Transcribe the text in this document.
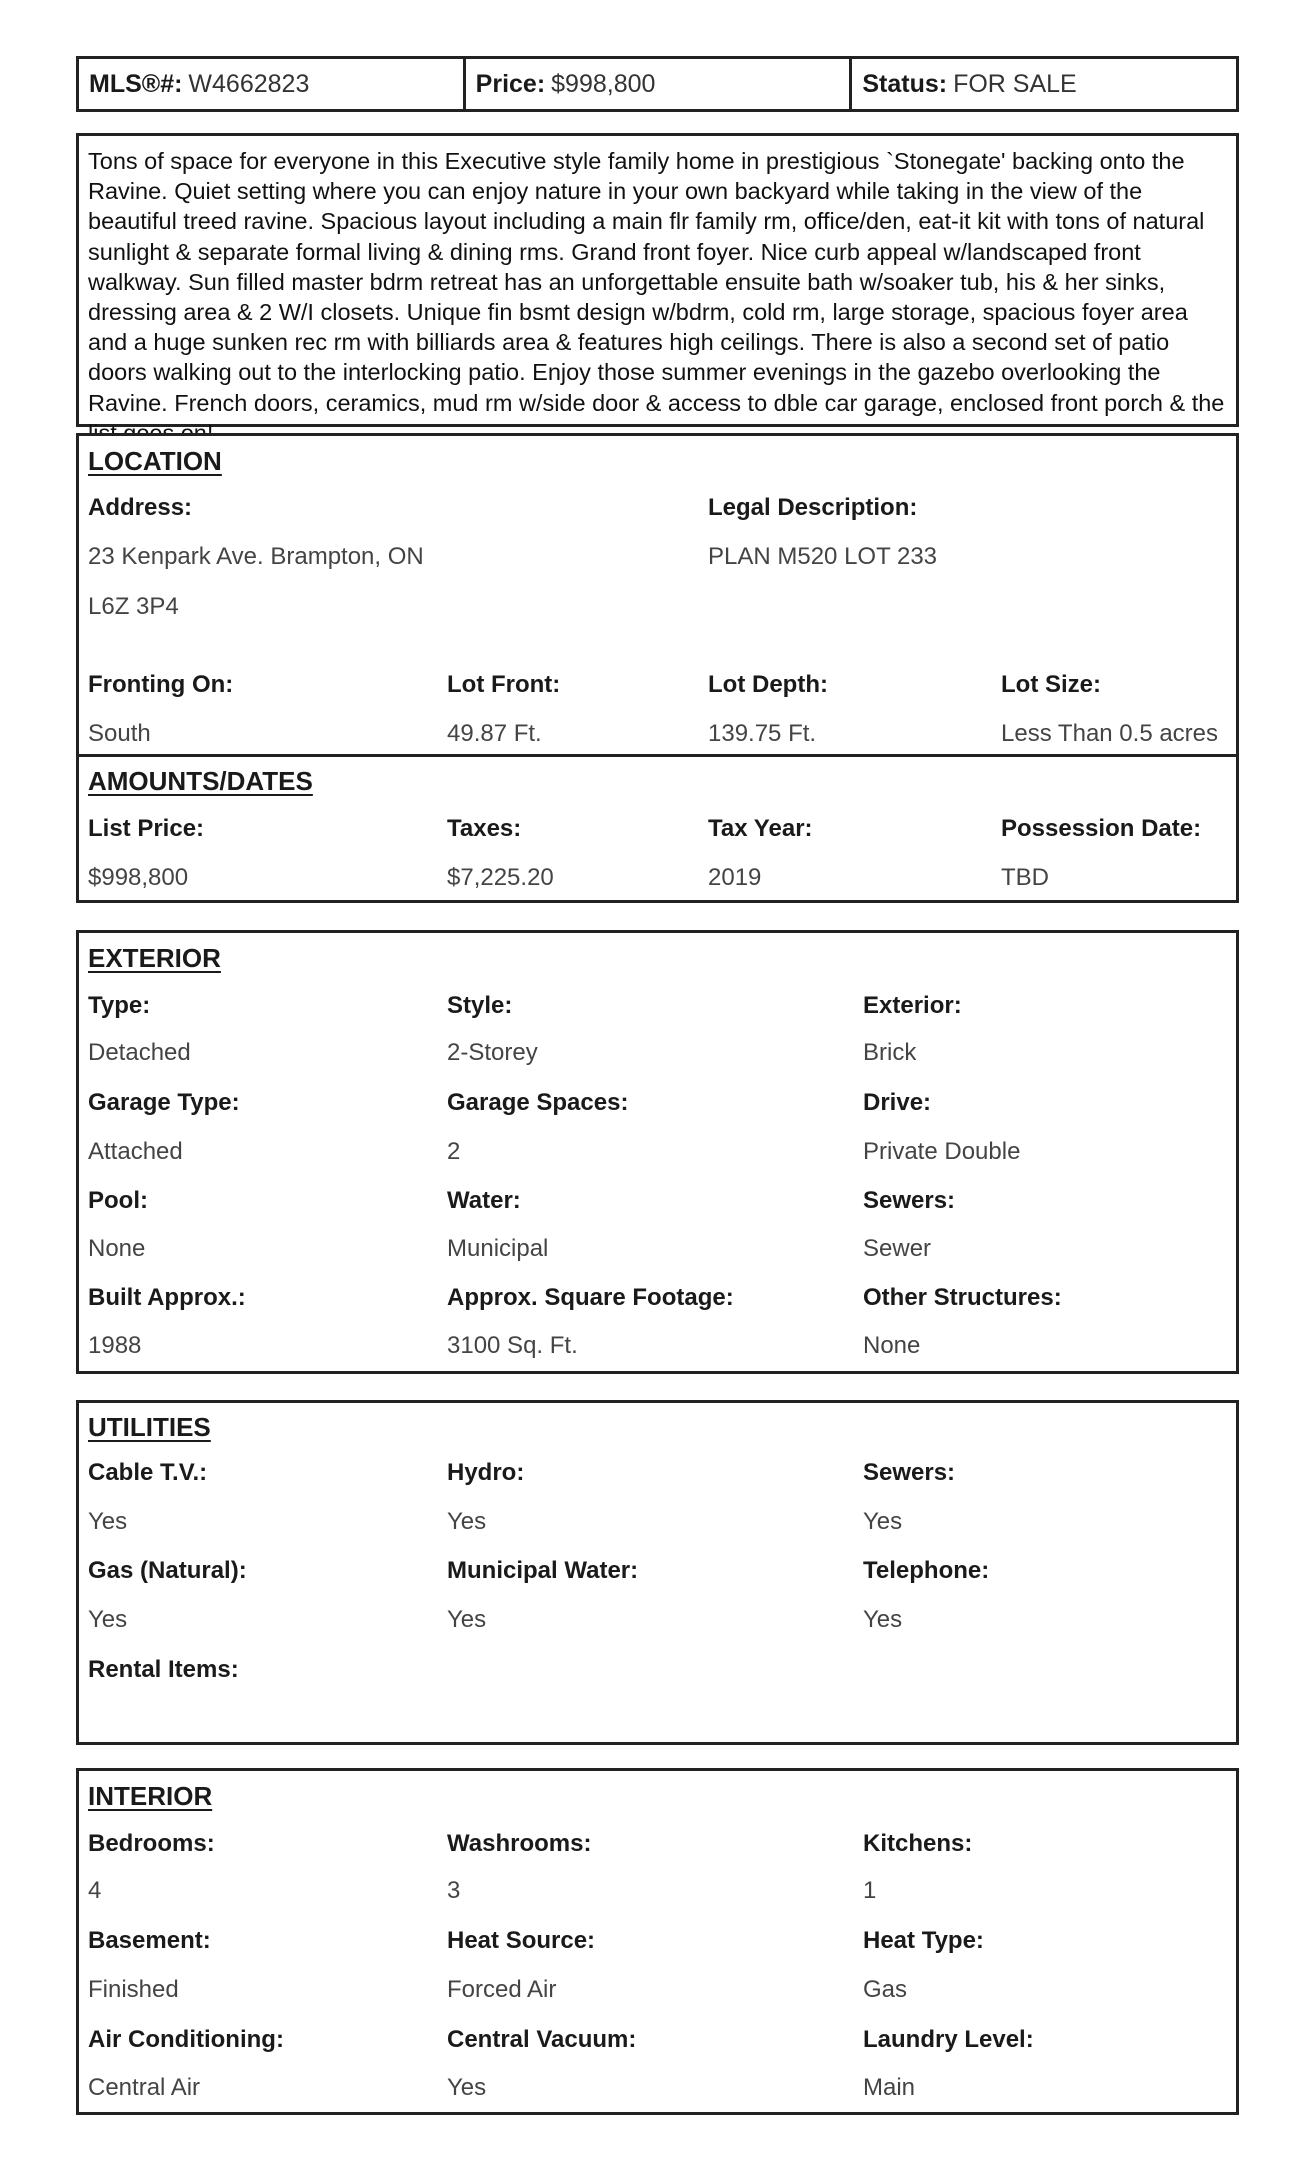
MLS®#: W4662823	Price: $998,800	Status: FOR SALE

Tons of space for everyone in this Executive style family home in prestigious `Stonegate' backing onto the Ravine. Quiet setting where you can enjoy nature in your own backyard while taking in the view of the beautiful treed ravine. Spacious layout including a main flr family rm, office/den, eat-it kit with tons of natural sunlight & separate formal living & dining rms. Grand front foyer. Nice curb appeal w/landscaped front walkway. Sun filled master bdrm retreat has an unforgettable ensuite bath w/soaker tub, his & her sinks, dressing area & 2 W/I closets. Unique fin bsmt design w/bdrm, cold rm, large storage, spacious foyer area and a huge sunken rec rm with billiards area & features high ceilings. There is also a second set of patio doors walking out to the interlocking patio. Enjoy those summer evenings in the gazebo overlooking the Ravine. French doors, ceramics, mud rm w/side door & access to dble car garage, enclosed front porch & the

LOCATION
Address:
23 Kenpark Ave. Brampton, ON
L6Z 3P4
Legal Description:
PLAN M520 LOT 233
Fronting On:
South
Lot Front:
49.87 Ft.
Lot Depth:
139.75 Ft.
Lot Size:
Less Than 0.5 acres
AMOUNTS/DATES
List Price:
$998,800
Taxes:
$7,225.20
Tax Year:
2019
Possession Date:
TBD
EXTERIOR
Type:
Detached
Style:
2-Storey
Exterior:
Brick
Garage Type:
Attached
Garage Spaces:
2
Drive:
Private Double
Pool:
None
Water:
Municipal
Sewers:
Sewer
Built Approx.:
1988
Approx. Square Footage:
3100 Sq. Ft.
Other Structures:
None
UTILITIES
Cable T.V.:
Yes
Hydro:
Yes
Sewers:
Yes
Gas (Natural):
Yes
Municipal Water:
Yes
Telephone:
Yes
Rental Items:
INTERIOR
Bedrooms:
4
Washrooms:
3
Kitchens:
1
Basement:
Finished
Heat Source:
Forced Air
Heat Type:
Gas
Air Conditioning:
Central Air
Central Vacuum:
Yes
Laundry Level:
Main
